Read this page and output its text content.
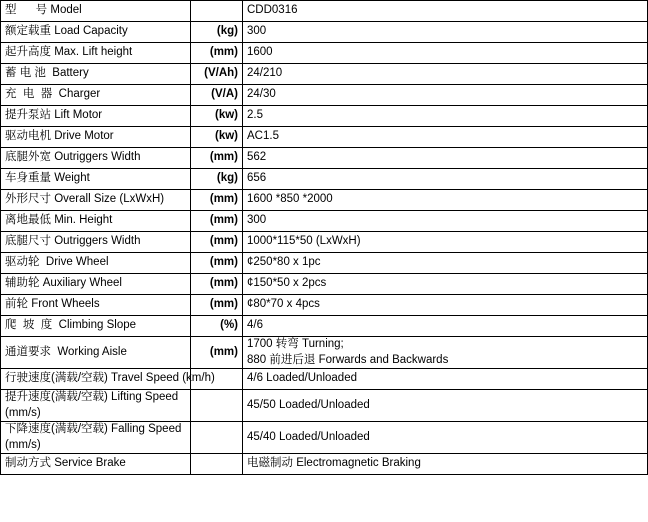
型      号 Model		CDD0316

额定载重 Load Capacity	(kg)	300

起升高度 Max. Lift height	(mm)	1600

蓄 电 池  Battery	(V/Ah)	24/210

充  电  器  Charger	(V/A)	24/30

提升泵站 Lift Motor	(kw)	2.5

驱动电机 Drive Motor	(kw)	AC1.5

底腿外宽 Outriggers Width	(mm)	562

车身重量 Weight	(kg)	656

外形尺寸 Overall Size (LxWxH)	(mm)	1600 *850 *2000

离地最低 Min. Height	(mm)	300

底腿尺寸 Outriggers Width	(mm)	1000*115*50 (LxWxH)

驱动轮  Drive Wheel	(mm)	¢250*80 x 1pc

辅助轮 Auxiliary Wheel	(mm)	¢150*50 x 2pcs

前轮 Front Wheels	(mm)	¢80*70 x 4pcs

爬  坡  度  Climbing Slope	(%)	4/6

通道要求  Working Aisle	(mm)	1700 转弯 Turning;
880 前进后退 Forwards and Backwards

行驶速度(满载/空载) Travel Speed (km/h)		4/6 Loaded/Unloaded

提升速度(满载/空载) Lifting Speed (mm/s)		45/50 Loaded/Unloaded

下降速度(满载/空载) Falling Speed (mm/s)		45/40 Loaded/Unloaded

制动方式 Service Brake		电磁制动 Electromagnetic Braking
